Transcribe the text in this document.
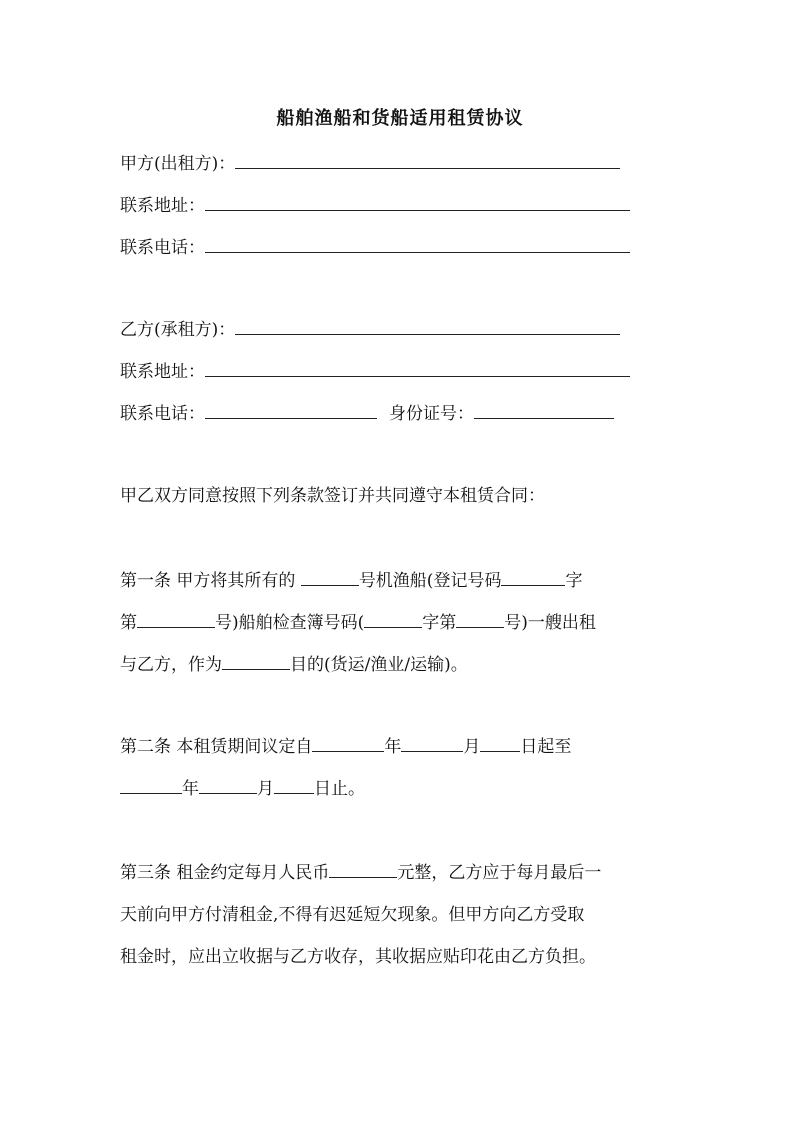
船舶渔船和货船适用租赁协议
甲方(出租方)：
联系地址：
联系电话：
乙方(承租方)：
联系地址：
联系电话：	身份证号：
甲乙双方同意按照下列条款签订并共同遵守本租赁合同：

第一条 甲方将其所有的	号机渔船(登记号码	字

第	号)船舶检查簿号码(	字第	号)一艘出租

与乙方，作为	目的(货运/渔业/运输)。

第二条 本租赁期间议定自	年	月 日起至

年	月 日止。

第三条 租金约定每月人民币	元整，乙方应于每月最后一

天前向甲方付清租金,不得有迟延短欠现象。但甲方向乙方受取

租金时，应出立收据与乙方收存，其收据应贴印花由乙方负担。
